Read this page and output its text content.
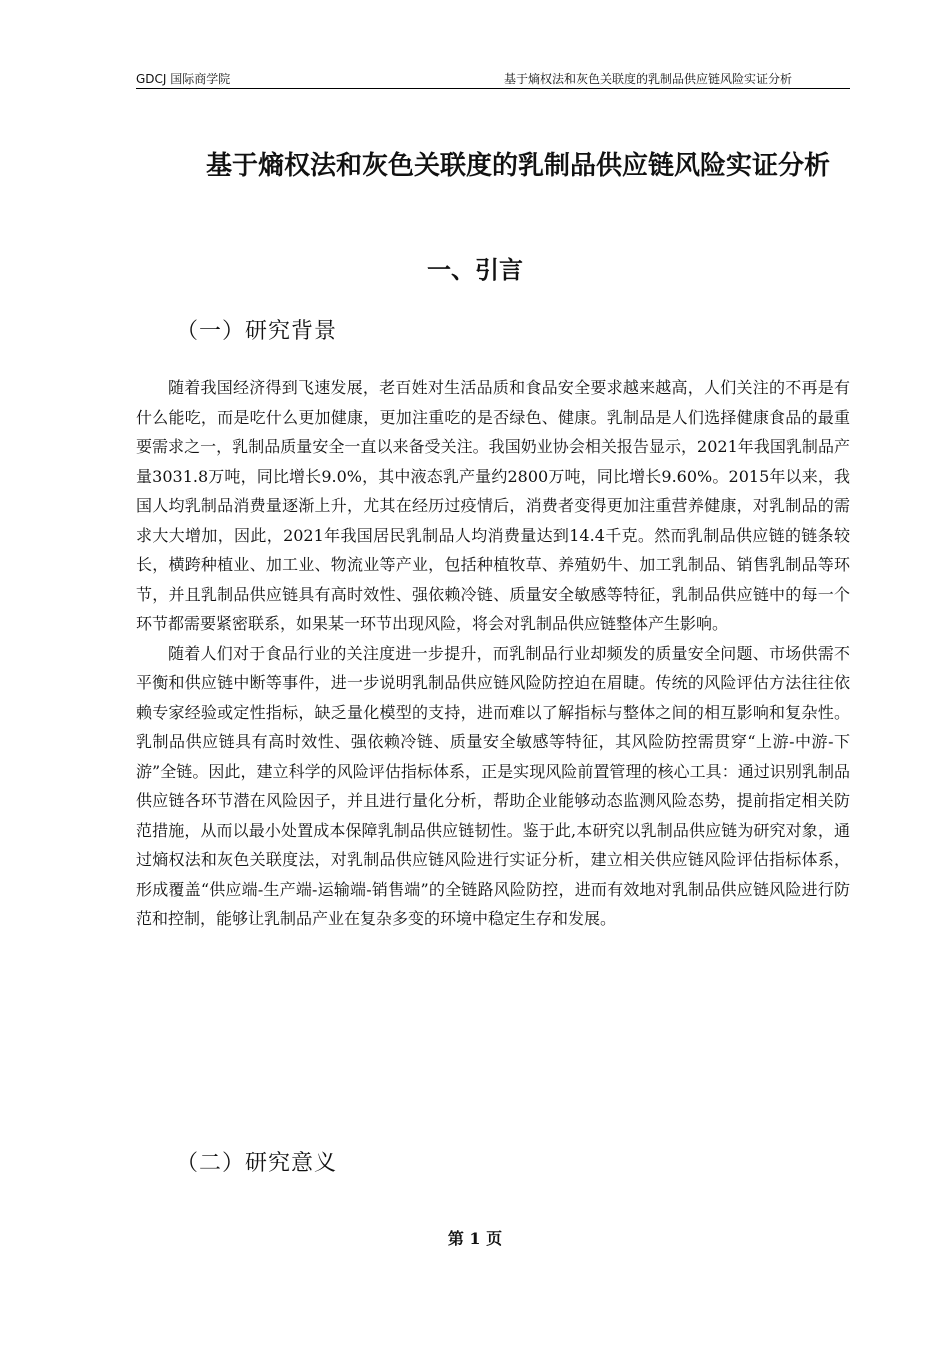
GDCJ 国际商学院	基于熵权法和灰色关联度的乳制品供应链风险实证分析
基于熵权法和灰色关联度的乳制品供应链风险实证分析
一、引言
（一）研究背景

随着我国经济得到飞速发展，老百姓对生活品质和食品安全要求越来越高，人们关注的不再是有什么能吃，而是吃什么更加健康，更加注重吃的是否绿色、健康。乳制品是人们选择健康食品的最重要需求之一，乳制品质量安全一直以来备受关注。我国奶业协会相关报告显示，2021年我国乳制品产量3031.8万吨，同比增长9.0%，其中液态乳产量约2800万吨，同比增长9.60%。2015年以来，我国人均乳制品消费量逐渐上升，尤其在经历过疫情后，消费者变得更加注重营养健康，对乳制品的需求大大增加，因此，2021年我国居民乳制品人均消费量达到14.4千克。然而乳制品供应链的链条较长，横跨种植业、加工业、物流业等产业，包括种植牧草、养殖奶牛、加工乳制品、销售乳制品等环节，并且乳制品供应链具有高时效性、强依赖冷链、质量安全敏感等特征，乳制品供应链中的每一个环节都需要紧密联系，如果某一环节出现风险，将会对乳制品供应链整体产生影响。

随着人们对于食品行业的关注度进一步提升，而乳制品行业却频发的质量安全问题、市场供需不平衡和供应链中断等事件，进一步说明乳制品供应链风险防控迫在眉睫。传统的风险评估方法往往依赖专家经验或定性指标，缺乏量化模型的支持，进而难以了解指标与整体之间的相互影响和复杂性。乳制品供应链具有高时效性、强依赖冷链、质量安全敏感等特征，其风险防控需贯穿“上游-中游-下游”全链。因此，建立科学的风险评估指标体系，正是实现风险前置管理的核心工具：通过识别乳制品供应链各环节潜在风险因子，并且进行量化分析，帮助企业能够动态监测风险态势，提前指定相关防范措施，从而以最小处置成本保障乳制品供应链韧性。鉴于此,本研究以乳制品供应链为研究对象，通过熵权法和灰色关联度法，对乳制品供应链风险进行实证分析，建立相关供应链风险评估指标体系，形成覆盖“供应端-生产端-运输端-销售端”的全链路风险防控，进而有效地对乳制品供应链风险进行防范和控制，能够让乳制品产业在复杂多变的环境中稳定生存和发展。

（二）研究意义
第 1 页
